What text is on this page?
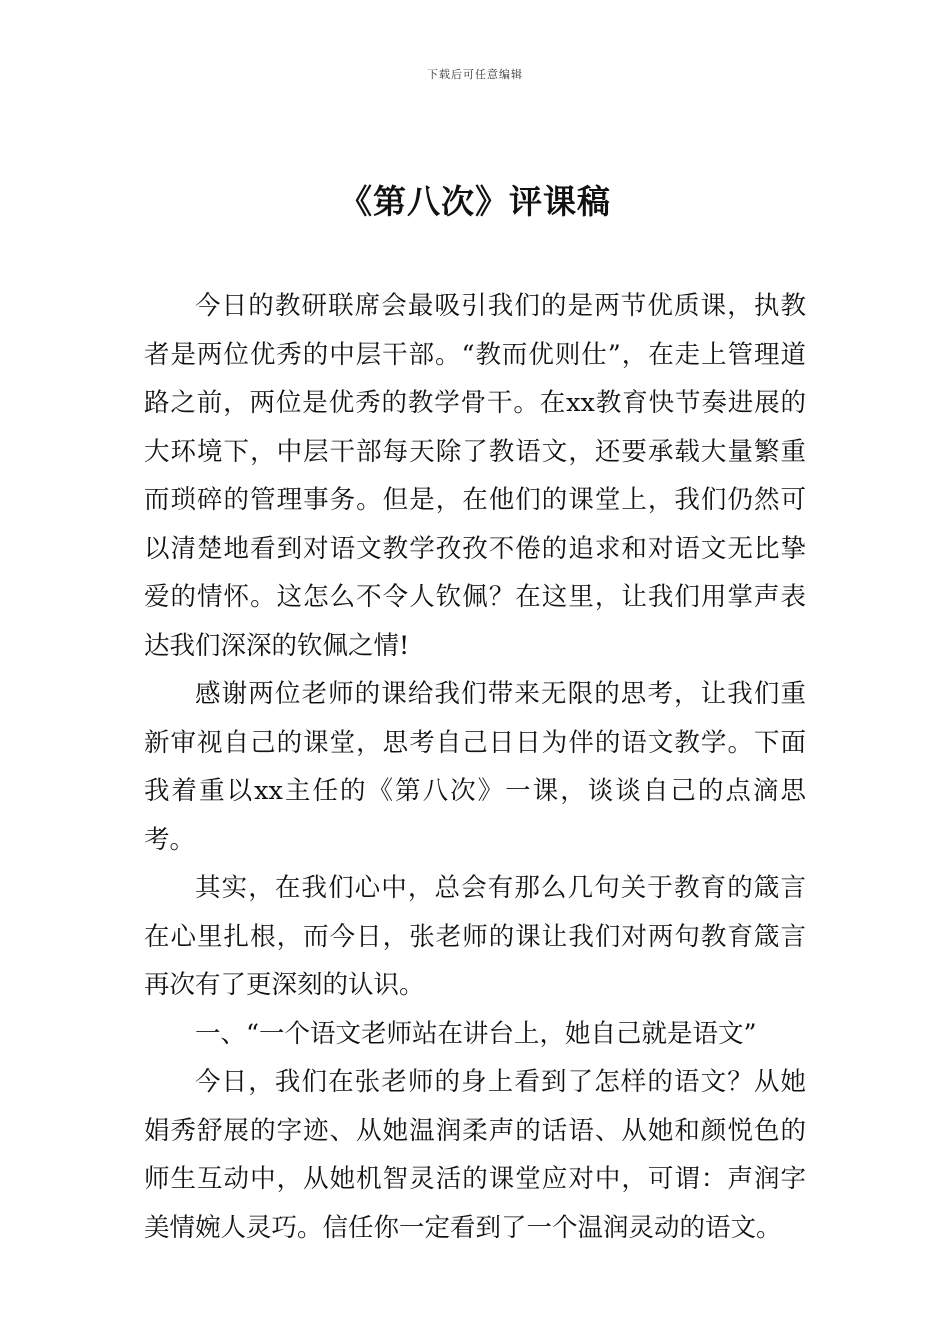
下载后可任意编辑
《第八次》评课稿

今日的教研联席会最吸引我们的是两节优质课，执教者是两位优秀的中层干部。“教而优则仕”，在走上管理道路之前，两位是优秀的教学骨干。在xx教育快节奏进展的大环境下，中层干部每天除了教语文，还要承载大量繁重而琐碎的管理事务。但是，在他们的课堂上，我们仍然可以清楚地看到对语文教学孜孜不倦的追求和对语文无比挚爱的情怀。这怎么不令人钦佩？在这里，让我们用掌声表达我们深深的钦佩之情!

感谢两位老师的课给我们带来无限的思考，让我们重新审视自己的课堂，思考自己日日为伴的语文教学。下面我着重以xx主任的《第八次》一课，谈谈自己的点滴思考。

其实，在我们心中，总会有那么几句关于教育的箴言在心里扎根，而今日，张老师的课让我们对两句教育箴言再次有了更深刻的认识。

一、“一个语文老师站在讲台上，她自己就是语文”

今日，我们在张老师的身上看到了怎样的语文？从她娟秀舒展的字迹、从她温润柔声的话语、从她和颜悦色的师生互动中，从她机智灵活的课堂应对中，可谓：声润字美情婉人灵巧。信任你一定看到了一个温润灵动的语文。
